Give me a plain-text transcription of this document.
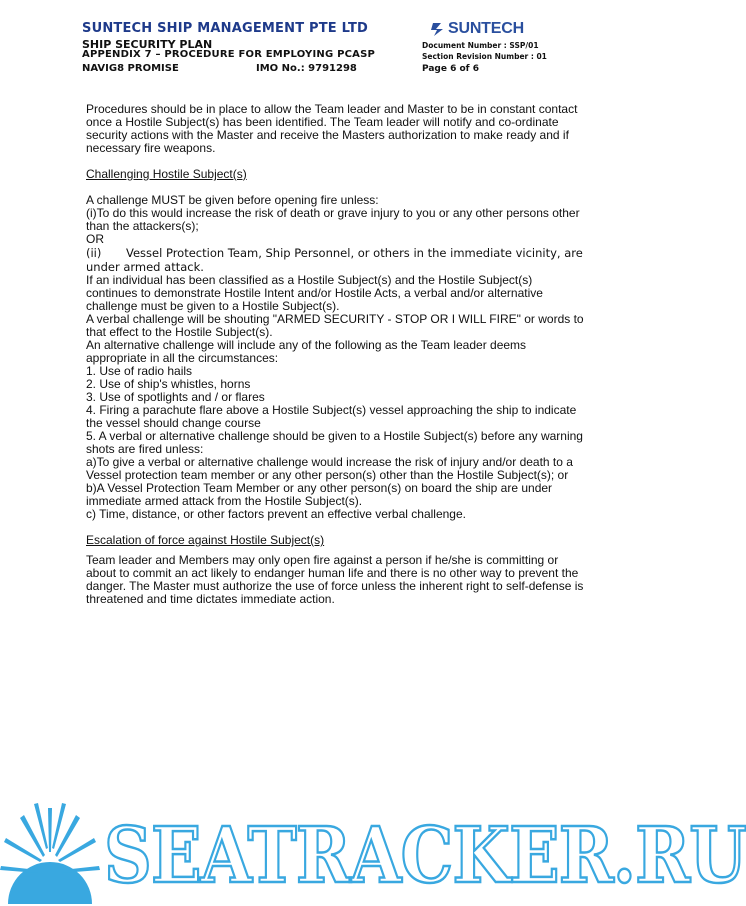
SUNTECH SHIP MANAGEMENT PTE LTD
SHIP SECURITY PLAN
APPENDIX 7 – PROCEDURE FOR EMPLOYING PCASP
NAVIG8 PROMISE	IMO No.: 9791298
Document Number : SSP/01
Section Revision Number : 01
Page 6 of 6
SUNTECH

Procedures should be in place to allow the Team leader and Master to be in constant contact once a Hostile Subject(s) has been identified. The Team leader will notify and co-ordinate security actions with the Master and receive the Masters authorization to make ready and if necessary fire weapons.

Challenging Hostile Subject(s)

A challenge MUST be given before opening fire unless:

(i)To do this would increase the risk of death or grave injury to you or any other persons other than the attackers(s);

OR

(ii) Vessel Protection Team, Ship Personnel, or others in the immediate vicinity, are under armed attack.

If an individual has been classified as a Hostile Subject(s) and the Hostile Subject(s) continues to demonstrate Hostile Intent and/or Hostile Acts, a verbal and/or alternative challenge must be given to a Hostile Subject(s).

A verbal challenge will be shouting "ARMED SECURITY - STOP OR I WILL FIRE" or words to that effect to the Hostile Subject(s).

An alternative challenge will include any of the following as the Team leader deems appropriate in all the circumstances:

1. Use of radio hails

2. Use of ship's whistles, horns

3. Use of spotlights and / or flares

4. Firing a parachute flare above a Hostile Subject(s) vessel approaching the ship to indicate the vessel should change course

5. A verbal or alternative challenge should be given to a Hostile Subject(s) before any warning shots are fired unless:

a)To give a verbal or alternative challenge would increase the risk of injury and/or death to a Vessel protection team member or any other person(s) other than the Hostile Subject(s); or

b)A Vessel Protection Team Member or any other person(s) on board the ship are under immediate armed attack from the Hostile Subject(s).

c) Time, distance, or other factors prevent an effective verbal challenge.

Escalation of force against Hostile Subject(s)

Team leader and Members may only open fire against a person if he/she is committing or about to commit an act likely to endanger human life and there is no other way to prevent the danger. The Master must authorize the use of force unless the inherent right to self-defense is threatened and time dictates immediate action.

SEATRACKER.RU
